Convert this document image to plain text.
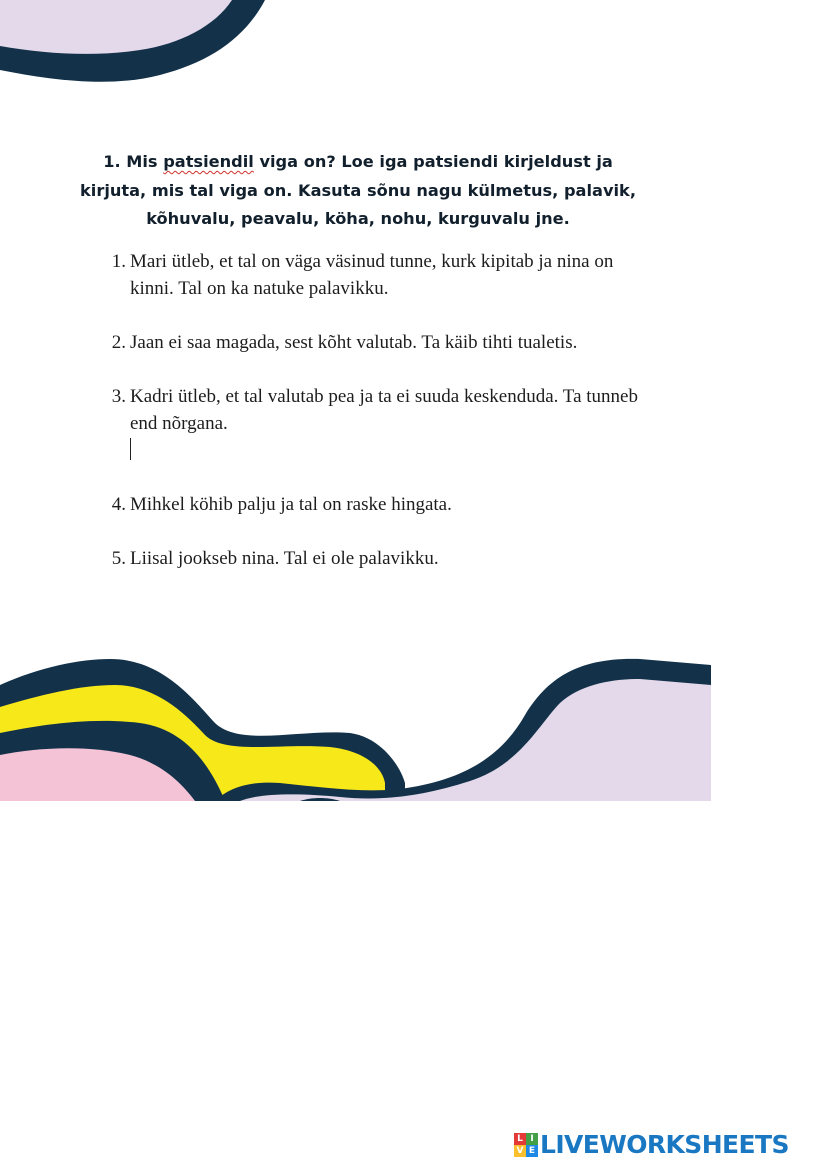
1. Mis patsiendil viga on? Loe iga patsiendi kirjeldust ja kirjuta, mis tal viga on. Kasuta sõnu nagu külmetus, palavik, kõhuvalu, peavalu, köha, nohu, kurguvalu jne.
1. Mari ütleb, et tal on väga väsinud tunne, kurk kipitab ja nina on kinni. Tal on ka natuke palavikku.
2. Jaan ei saa magada, sest kõht valutab. Ta käib tihti tualetis.
3. Kadri ütleb, et tal valutab pea ja ta ei suuda keskenduda. Ta tunneb end nõrgana.
4. Mihkel köhib palju ja tal on raske hingata.
5. Liisal jookseb nina. Tal ei ole palavikku.
L I
V E LIVEWORKSHEETS
